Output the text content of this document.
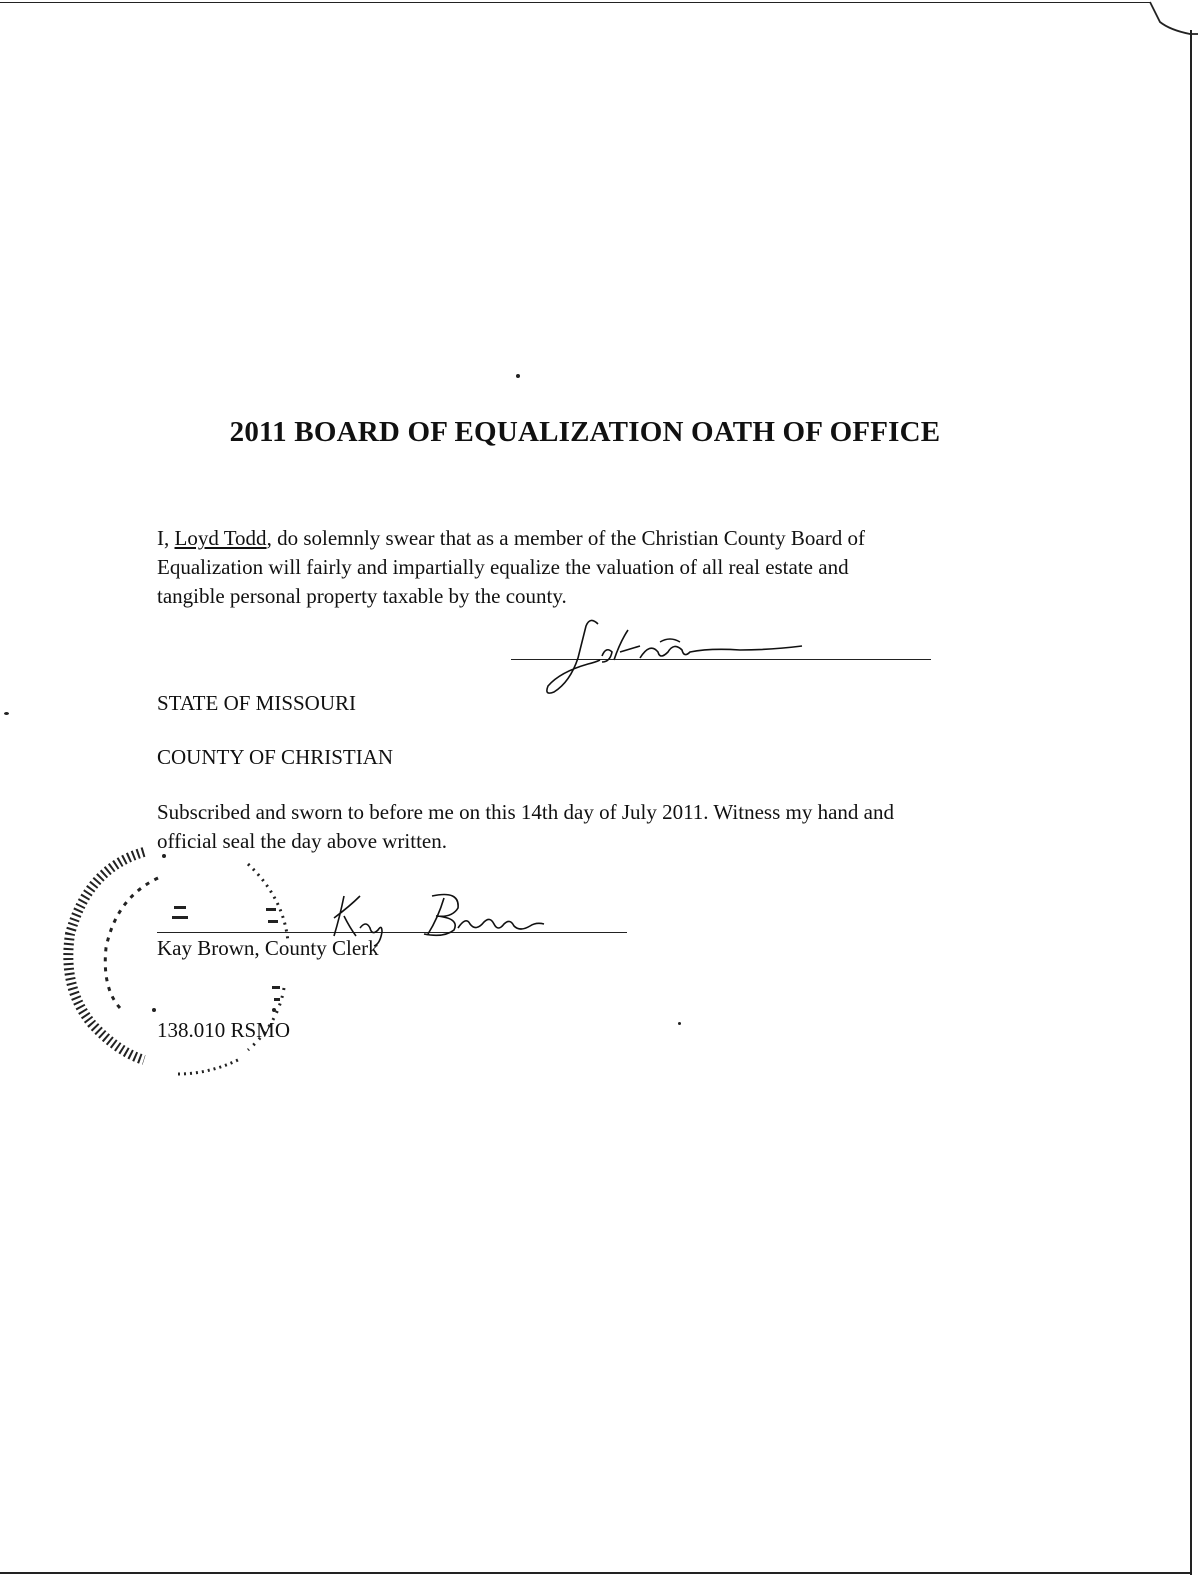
2011 BOARD OF EQUALIZATION OATH OF OFFICE
I, Loyd Todd, do solemnly swear that as a member of the Christian County Board of
Equalization will fairly and impartially equalize the valuation of all real estate and
tangible personal property taxable by the county.
STATE OF MISSOURI
COUNTY OF CHRISTIAN
Subscribed and sworn to before me on this 14th day of July 2011. Witness my hand and
official seal the day above written.
Kay Brown, County Clerk
138.010 RSMO
